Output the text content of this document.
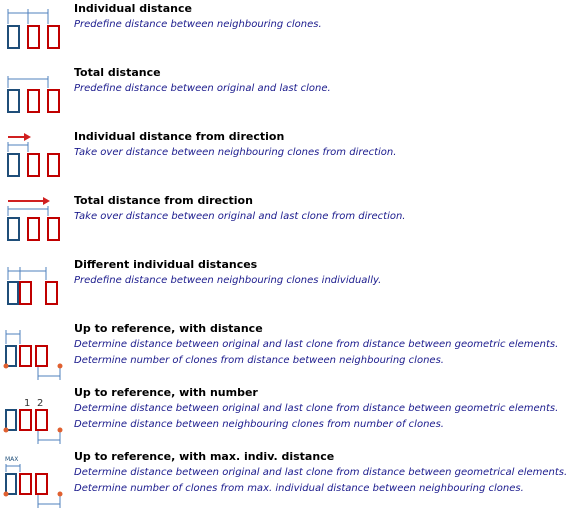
Individual distance
Predefine distance between neighbouring clones.
Total distance
Predefine distance between original and last clone.
Individual distance from direction
Take over distance between neighbouring clones from direction.
Total distance from direction
Take over distance between original and last clone from direction.
Different individual distances
Predefine distance between neighbouring clones individually.
Up to reference, with distance
Determine distance between original and last clone from distance between geometric elements.
Determine number of clones from distance between neighbouring clones.
1 2
Up to reference, with number
Determine distance between original and last clone from distance between geometric elements.
Determine distance between neighbouring clones from number of clones.
MAX	Up to reference, with max. indiv. distance
Determine distance between original and last clone from distance between geometrical elements.
Determine number of clones from max. individual distance between neighbouring clones.
